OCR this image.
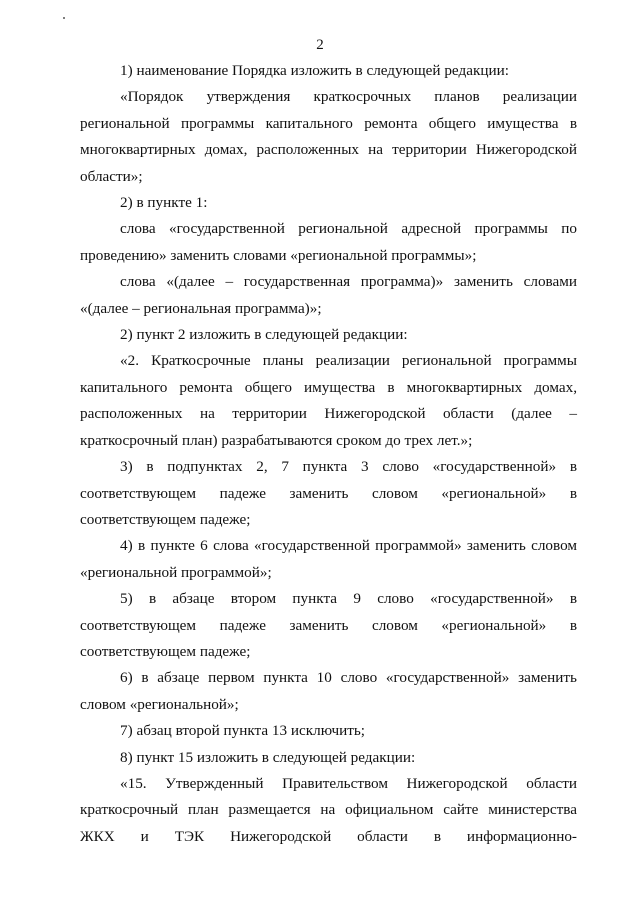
2

1) наименование Порядка изложить в следующей редакции:

«Порядок утверждения краткосрочных планов реализации региональной программы капитального ремонта общего имущества в многоквартирных домах, расположенных на территории Нижегородской области»;

2) в пункте 1:

слова «государственной региональной адресной программы по проведению» заменить словами «региональной программы»;

слова «(далее – государственная программа)» заменить словами «(далее – региональная программа)»;

2) пункт 2 изложить в следующей редакции:

«2. Краткосрочные планы реализации региональной программы капитального ремонта общего имущества в многоквартирных домах, расположенных на территории Нижегородской области (далее – краткосрочный план) разрабатываются сроком до трех лет.»;

3) в подпунктах 2, 7 пункта 3 слово «государственной» в соответствующем падеже заменить словом «региональной» в соответствующем падеже;

4) в пункте 6 слова «государственной программой» заменить словом «региональной программой»;

5) в абзаце втором пункта 9 слово «государственной» в соответствующем падеже заменить словом «региональной» в соответствующем падеже;

6) в абзаце первом пункта 10 слово «государственной» заменить словом «региональной»;

7) абзац второй пункта 13 исключить;

8) пункт 15 изложить в следующей редакции:

«15. Утвержденный Правительством Нижегородской области краткосрочный план размещается на официальном сайте министерства ЖКХ и ТЭК Нижегородской области в информационно-
